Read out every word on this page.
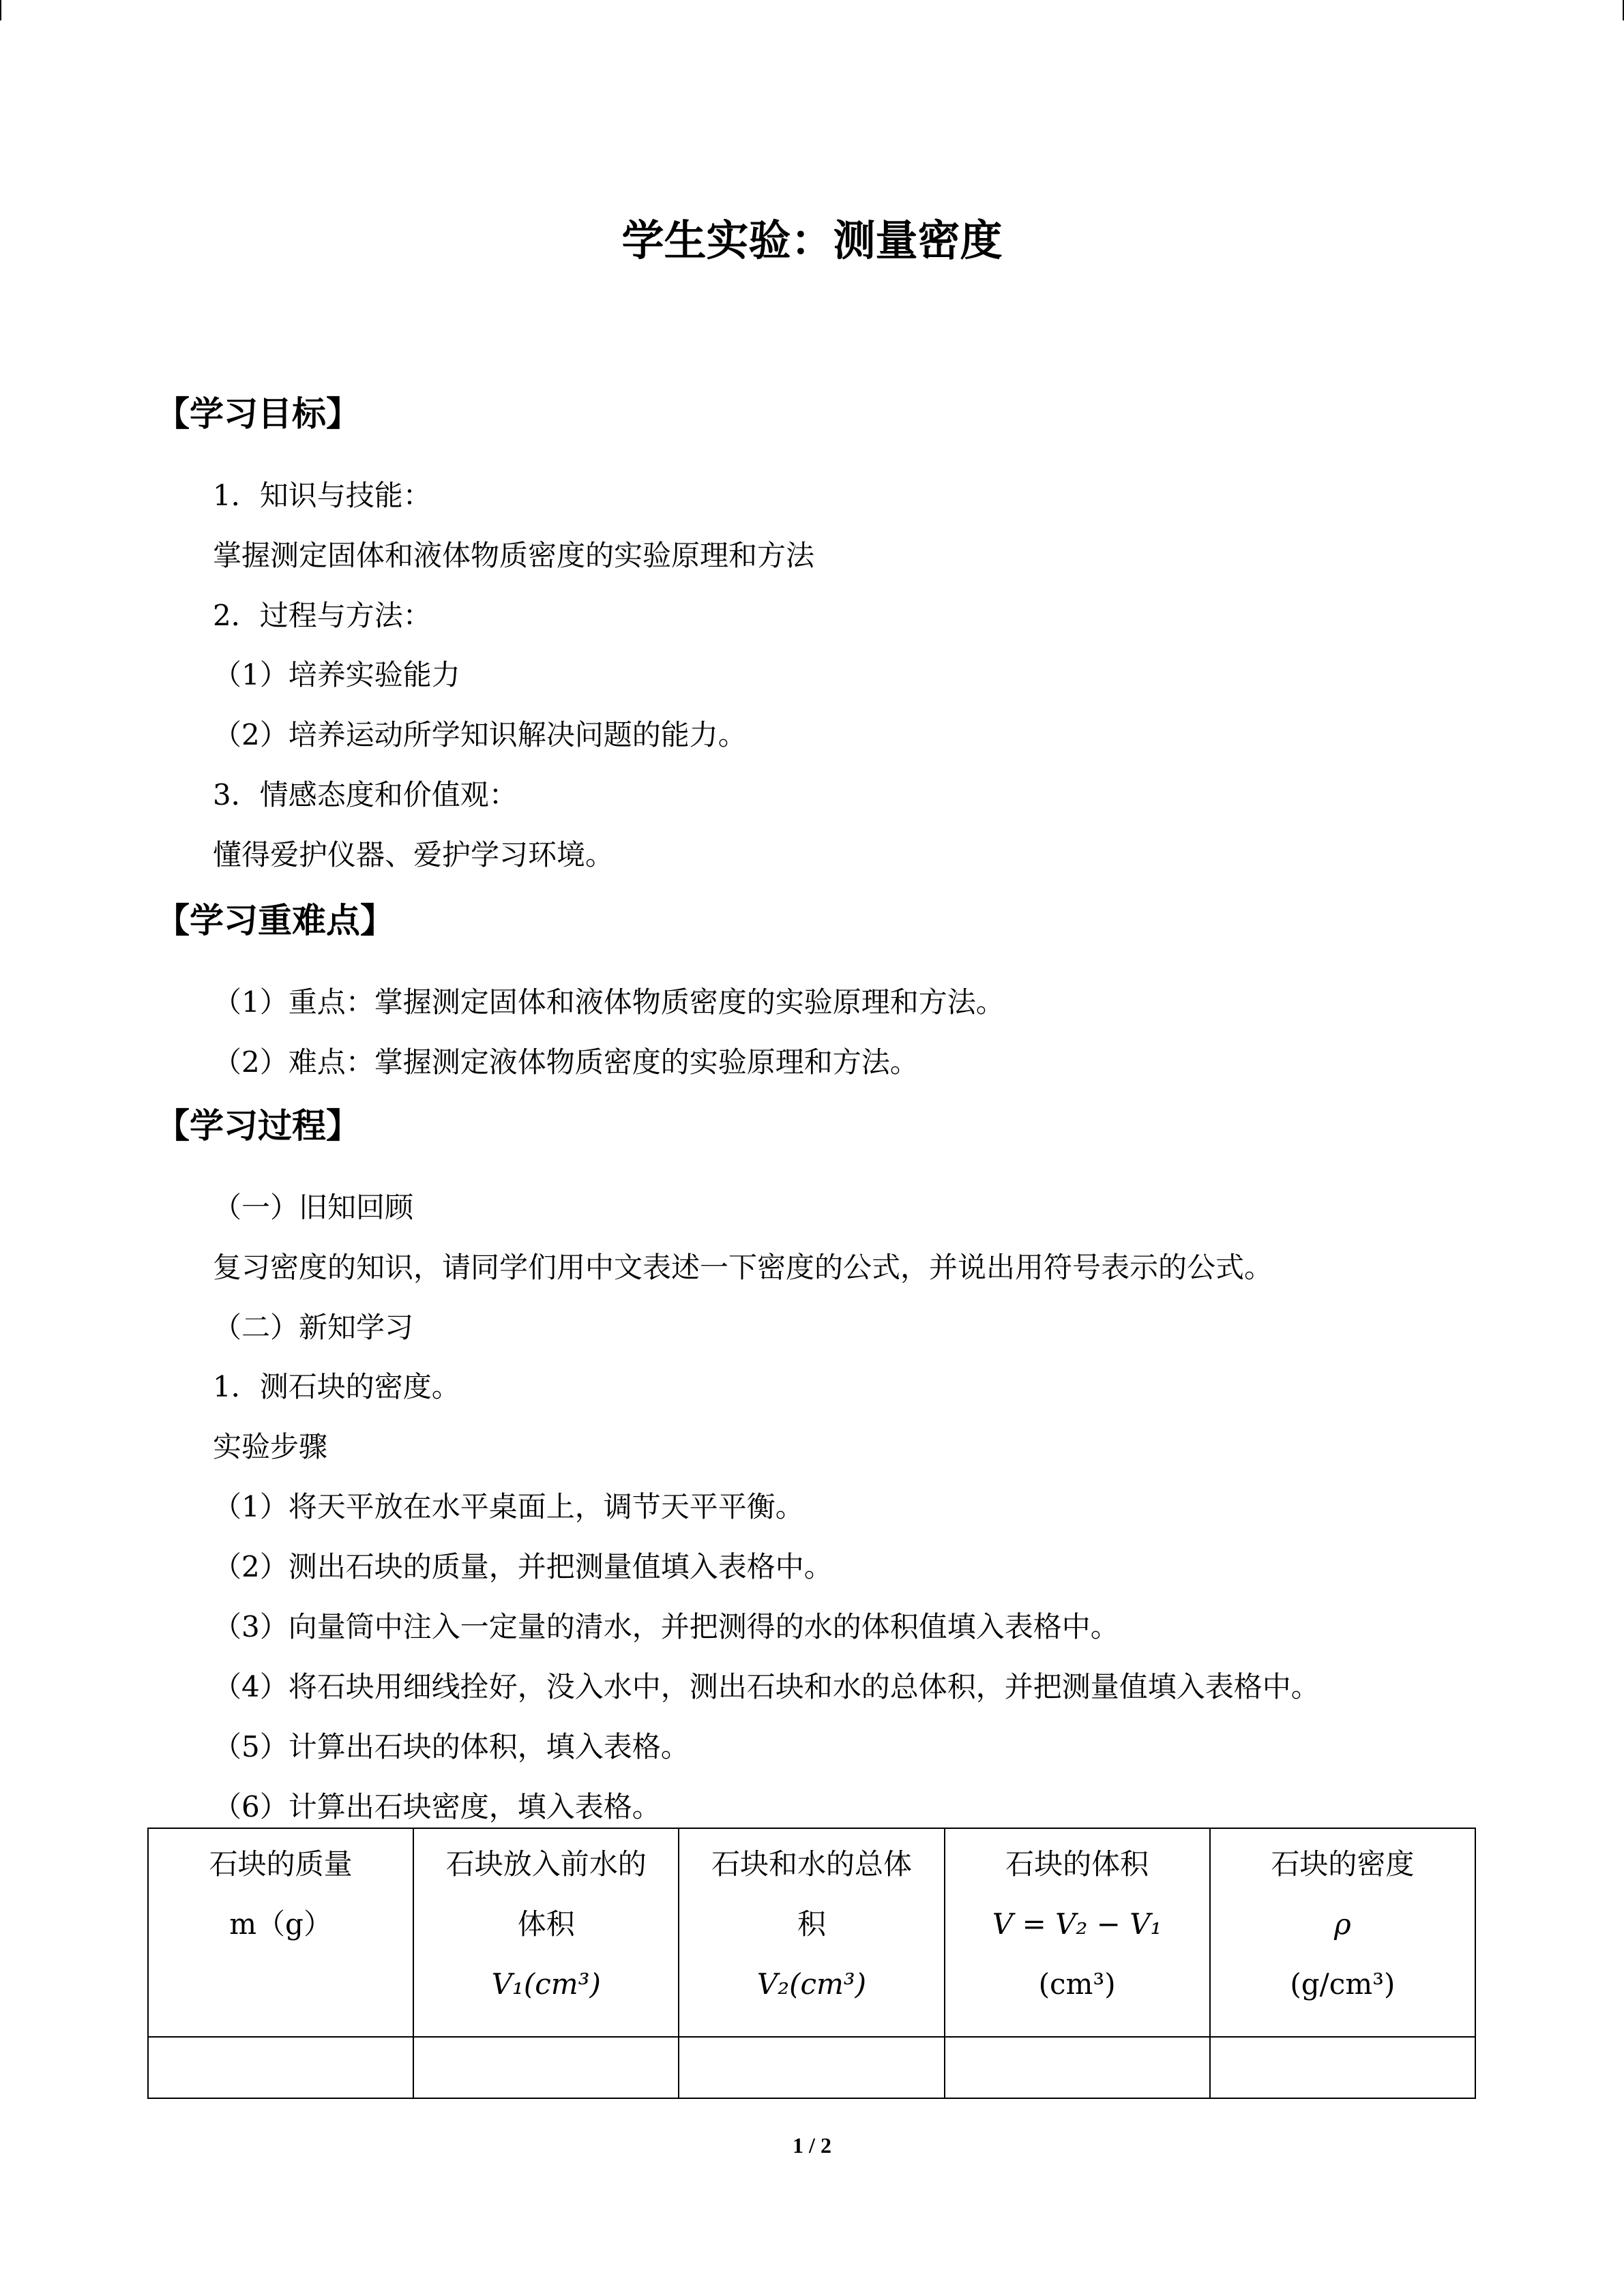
学生实验：测量密度
【学习目标】

1．知识与技能：

掌握测定固体和液体物质密度的实验原理和方法

2．过程与方法：

（1）培养实验能力

（2）培养运动所学知识解决问题的能力。

3．情感态度和价值观：

懂得爱护仪器、爱护学习环境。

【学习重难点】

（1）重点：掌握测定固体和液体物质密度的实验原理和方法。

（2）难点：掌握测定液体物质密度的实验原理和方法。

【学习过程】

（一）旧知回顾

复习密度的知识，请同学们用中文表述一下密度的公式，并说出用符号表示的公式。

（二）新知学习

1．测石块的密度。

实验步骤

（1）将天平放在水平桌面上，调节天平平衡。

（2）测出石块的质量，并把测量值填入表格中。

（3）向量筒中注入一定量的清水，并把测得的水的体积值填入表格中。

（4）将石块用细线拴好，没入水中，测出石块和水的总体积，并把测量值填入表格中。

（5）计算出石块的体积，填入表格。

（6）计算出石块密度，填入表格。

石块的质量
m（g）	石块放入前水的
体积
V₁(cm³)	石块和水的总体
积
V₂(cm³)	石块的体积
V = V₂ − V₁
(cm³)	石块的密度
ρ
(g/cm³)

1 / 2
